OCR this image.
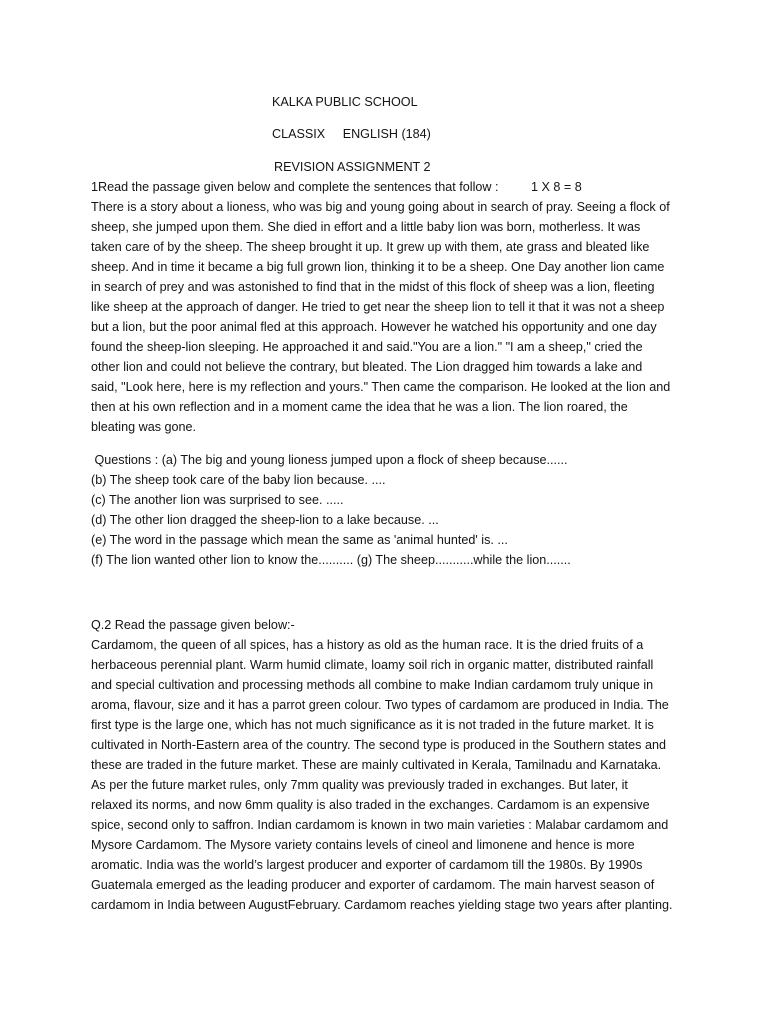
KALKA PUBLIC SCHOOL
CLASSIX     ENGLISH (184)
REVISION ASSIGNMENT 2
1Read the passage given below and complete the sentences that follow :	1 X 8 = 8
There is a story about a lioness, who was big and young going about in search of pray. Seeing a flock of
sheep, she jumped upon them. She died in effort and a little baby lion was born, motherless. It was
taken care of by the sheep. The sheep brought it up. It grew up with them, ate grass and bleated like
sheep. And in time it became a big full grown lion, thinking it to be a sheep. One Day another lion came
in search of prey and was astonished to find that in the midst of this flock of sheep was a lion, fleeting
like sheep at the approach of danger. He tried to get near the sheep lion to tell it that it was not a sheep
but a lion, but the poor animal fled at this approach. However he watched his opportunity and one day
found the sheep-lion sleeping. He approached it and said."You are a lion." "I am a sheep," cried the
other lion and could not believe the contrary, but bleated. The Lion dragged him towards a lake and
said, "Look here, here is my reflection and yours." Then came the comparison. He looked at the lion and
then at his own reflection and in a moment came the idea that he was a lion. The lion roared, the
bleating was gone.
Questions : (a) The big and young lioness jumped upon a flock of sheep because......
(b) The sheep took care of the baby lion because. ....
(c) The another lion was surprised to see. .....
(d) The other lion dragged the sheep-lion to a lake because. ...
(e) The word in the passage which mean the same as 'animal hunted' is. ...
(f) The lion wanted other lion to know the.......... (g) The sheep...........while the lion.......
Q.2 Read the passage given below:-
Cardamom, the queen of all spices, has a history as old as the human race. It is the dried fruits of a
herbaceous perennial plant. Warm humid climate, loamy soil rich in organic matter, distributed rainfall
and special cultivation and processing methods all combine to make Indian cardamom truly unique in
aroma, flavour, size and it has a parrot green colour. Two types of cardamom are produced in India. The
first type is the large one, which has not much significance as it is not traded in the future market. It is
cultivated in North-Eastern area of the country. The second type is produced in the Southern states and
these are traded in the future market. These are mainly cultivated in Kerala, Tamilnadu and Karnataka.
As per the future market rules, only 7mm quality was previously traded in exchanges. But later, it
relaxed its norms, and now 6mm quality is also traded in the exchanges. Cardamom is an expensive
spice, second only to saffron. Indian cardamom is known in two main varieties : Malabar cardamom and
Mysore Cardamom. The Mysore variety contains levels of cineol and limonene and hence is more
aromatic. India was the world’s largest producer and exporter of cardamom till the 1980s. By 1990s
Guatemala emerged as the leading producer and exporter of cardamom. The main harvest season of
cardamom in India between AugustFebruary. Cardamom reaches yielding stage two years after planting.
